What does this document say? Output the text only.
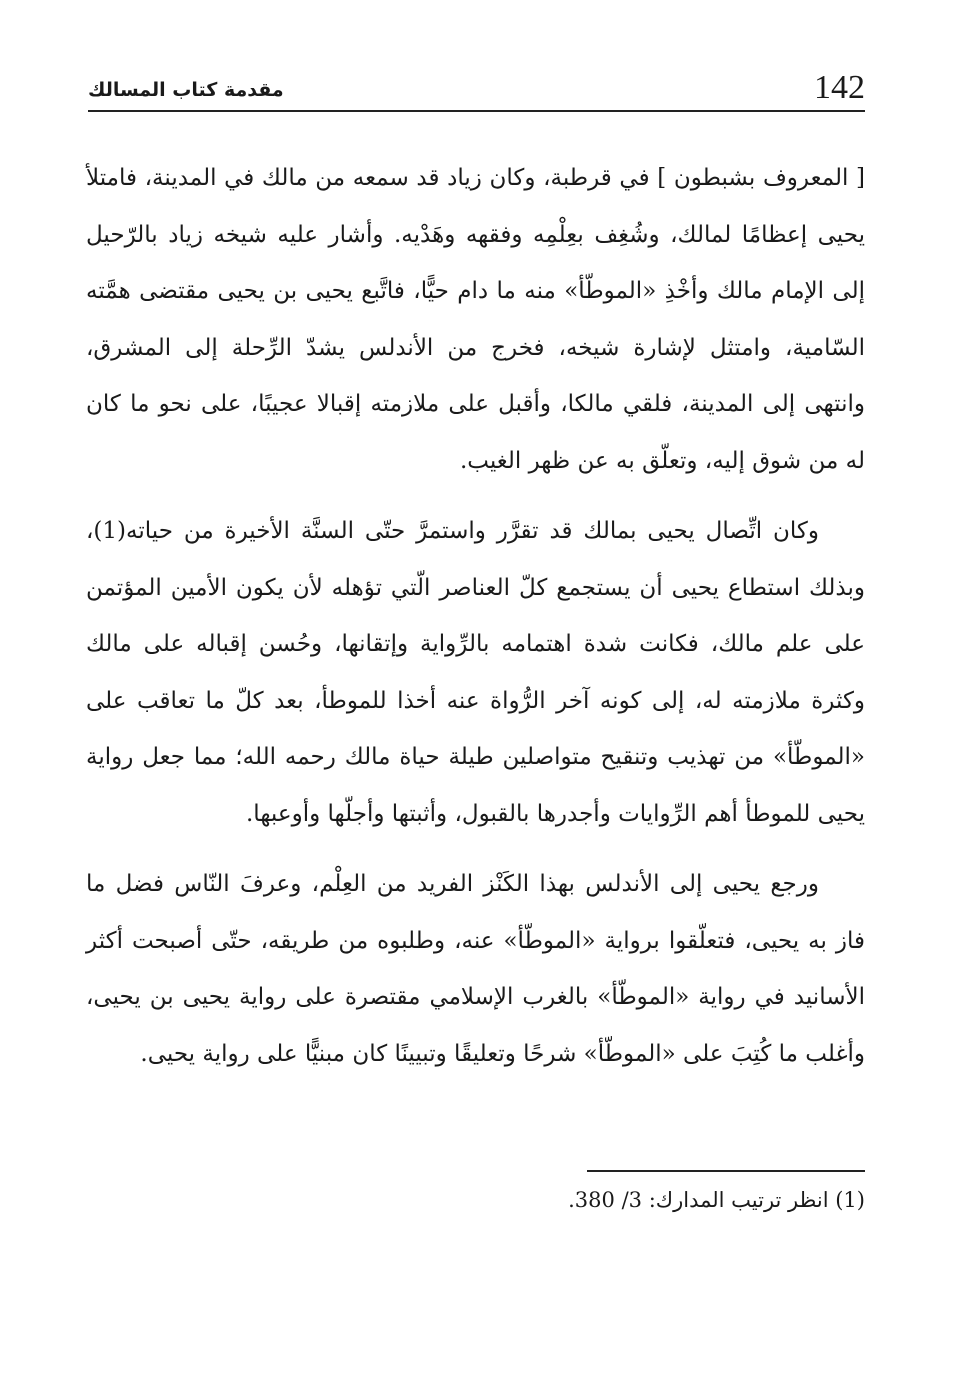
142
مقدمة كتاب المسالك

[ المعروف بشبطون ] في قرطبة، وكان زياد قد سمعه من مالك في المدينة، فامتلأ يحيى إعظامًا لمالك، وشُغِف بعِلْمِه وفقهه وهَدْيه. وأشار عليه شيخه زياد بالرّحيل إلى الإمام مالك وأخْذِ «الموطّأ» منه ما دام حيًّا، فاتَّبع يحيى بن يحيى مقتضى همَّته السّامية، وامتثل لإشارة شيخه، فخرج من الأندلس يشدّ الرِّحلة إلى المشرق، وانتهى إلى المدينة، فلقي مالكا، وأقبل على ملازمته إقبالا عجيبًا، على نحو ما كان له من شوق إليه، وتعلّق به عن ظهر الغيب.

وكان اتِّصال يحيى بمالك قد تقرَّر واستمرَّ حتّى السنَّة الأخيرة من حياته(1)، وبذلك استطاع يحيى أن يستجمع كلّ العناصر الّتي تؤهله لأن يكون الأمين المؤتمن على علم مالك، فكانت شدة اهتمامه بالرِّواية وإتقانها، وحُسن إقباله على مالك وكثرة ملازمته له، إلى كونه آخر الرُّواة عنه أخذا للموطأ، بعد كلّ ما تعاقب على «الموطّأ» من تهذيب وتنقيح متواصلين طيلة حياة مالك رحمه الله؛ مما جعل رواية يحيى للموطأ أهم الرِّوايات وأجدرها بالقبول، وأثبتها وأجلّها وأوعبها.

ورجع يحيى إلى الأندلس بهذا الكَنْز الفريد من العِلْم، وعرفَ النّاس فضل ما فاز به يحيى، فتعلّقوا برواية «الموطّأ» عنه، وطلبوه من طريقه، حتّى أصبحت أكثر الأسانيد في رواية «الموطّأ» بالغرب الإسلامي مقتصرة على رواية يحيى بن يحيى، وأغلب ما كُتِبَ على «الموطّأ» شرحًا وتعليقًا وتبيينًا كان مبنيًّا على رواية يحيى.

(1) انظر ترتيب المدارك: 3/ 380.
